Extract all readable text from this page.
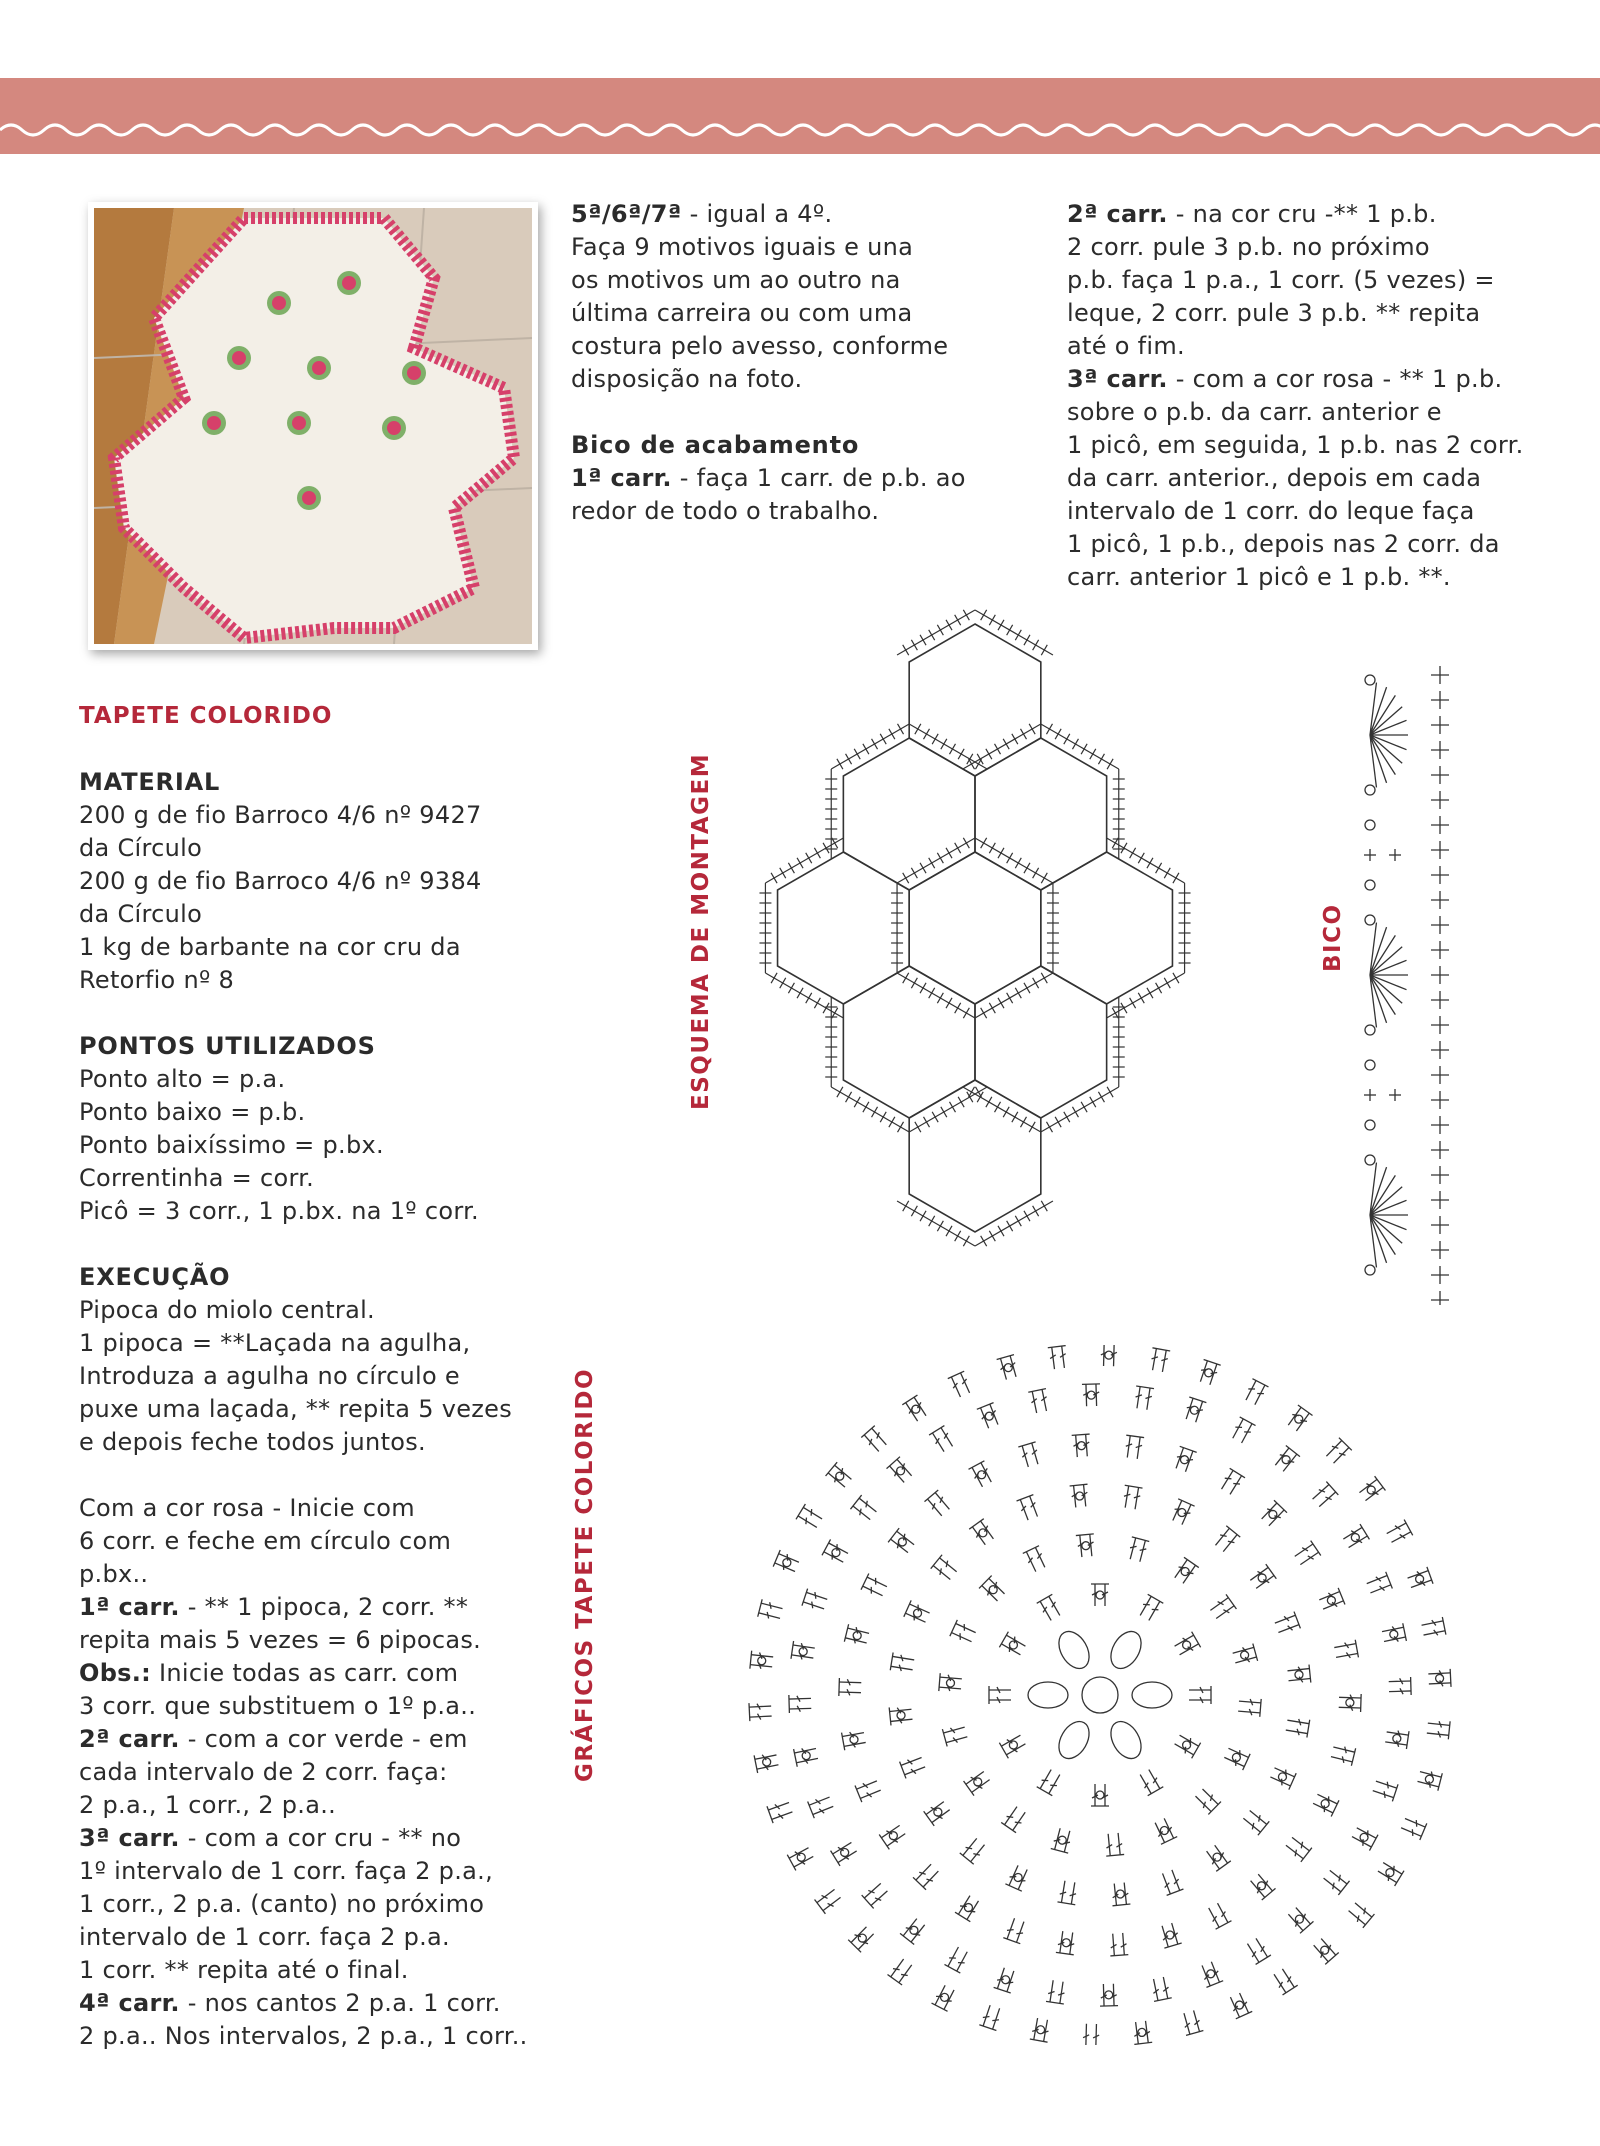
TAPETE COLORIDO

MATERIAL

200 g de fio Barroco 4/6 nº 9427

da Círculo

200 g de fio Barroco 4/6 nº 9384

da Círculo

1 kg de barbante na cor cru da

Retorfio nº 8

PONTOS UTILIZADOS

Ponto alto = p.a.

Ponto baixo = p.b.

Ponto baixíssimo = p.bx.

Correntinha = corr.

Picô = 3 corr., 1 p.bx. na 1º corr.

EXECUÇÃO

Pipoca do miolo central.

1 pipoca = **Laçada na agulha,

Introduza a agulha no círculo e

puxe uma laçada, ** repita 5 vezes

e depois feche todos juntos.

Com a cor rosa - Inicie com

6 corr. e feche em círculo com

p.bx..

1ª carr. - ** 1 pipoca, 2 corr. **

repita mais 5 vezes = 6 pipocas.

Obs.: Inicie todas as carr. com

3 corr. que substituem o 1º p.a..

2ª carr. - com a cor verde - em

cada intervalo de 2 corr. faça:

2 p.a., 1 corr., 2 p.a..

3ª carr. - com a cor cru - ** no

1º intervalo de 1 corr. faça 2 p.a.,

1 corr., 2 p.a. (canto) no próximo

intervalo de 1 corr. faça 2 p.a.

1 corr. ** repita até o final.

4ª carr. - nos cantos 2 p.a. 1 corr.

2 p.a.. Nos intervalos, 2 p.a., 1 corr..

5ª/6ª/7ª - igual a 4º.

Faça 9 motivos iguais e una

os motivos um ao outro na

última carreira ou com uma

costura pelo avesso, conforme

disposição na foto.

Bico de acabamento

1ª carr. - faça 1 carr. de p.b. ao

redor de todo o trabalho.

2ª carr. - na cor cru -** 1 p.b.

2 corr. pule 3 p.b. no próximo

p.b. faça 1 p.a., 1 corr. (5 vezes) =

leque, 2 corr. pule 3 p.b. ** repita

até o fim.

3ª carr. - com a cor rosa - ** 1 p.b.

sobre o p.b. da carr. anterior e

1 picô, em seguida, 1 p.b. nas 2 corr.

da carr. anterior., depois em cada

intervalo de 1 corr. do leque faça

1 picô, 1 p.b., depois nas 2 corr. da

carr. anterior 1 picô e 1 p.b. **.

ESQUEMA DE MONTAGEM	BICO
GRÁFICOS TAPETE COLORIDO
